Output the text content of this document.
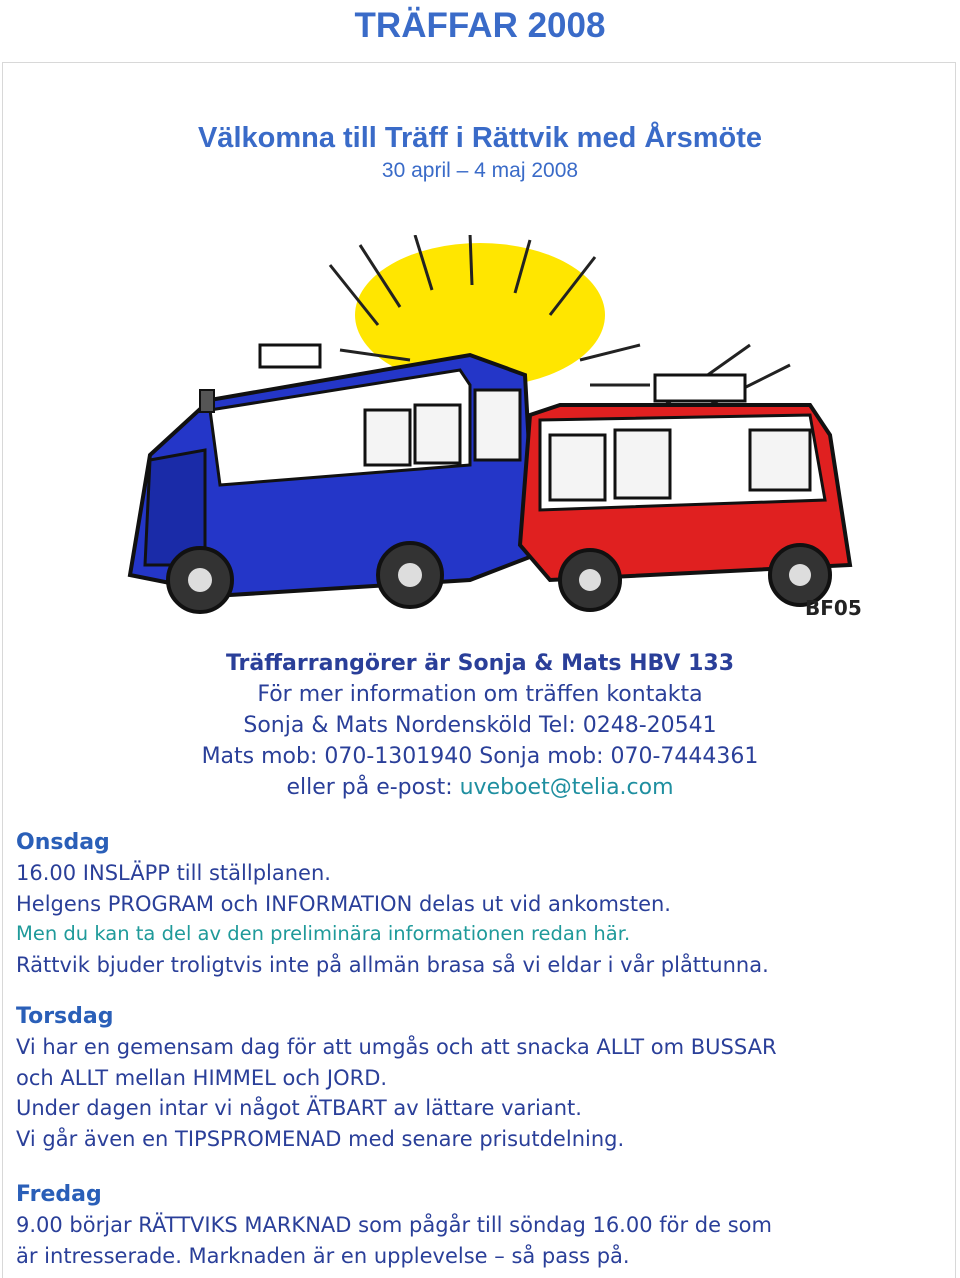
TRÄFFAR 2008
Välkomna till Träff i Rättvik med Årsmöte
30 april – 4 maj 2008
BF05
Träffarrangörer är Sonja & Mats HBV 133
För mer information om träffen kontakta
Sonja & Mats Nordensköld Tel: 0248-20541
Mats mob: 070-1301940 Sonja mob: 070-7444361
eller på e-post: uveboet@telia.com
Onsdag
16.00 INSLÄPP till ställplanen.
Helgens PROGRAM och INFORMATION delas ut vid ankomsten.
Men du kan ta del av den preliminära informationen redan här.
Rättvik bjuder troligtvis inte på allmän brasa så vi eldar i vår plåttunna.
Torsdag
Vi har en gemensam dag för att umgås och att snacka ALLT om BUSSAR
och ALLT mellan HIMMEL och JORD.
Under dagen intar vi något ÄTBART av lättare variant.
Vi går även en TIPSPROMENAD med senare prisutdelning.
Fredag
9.00 börjar RÄTTVIKS MARKNAD som pågår till söndag 16.00 för de som
är intresserade. Marknaden är en upplevelse – så pass på.
